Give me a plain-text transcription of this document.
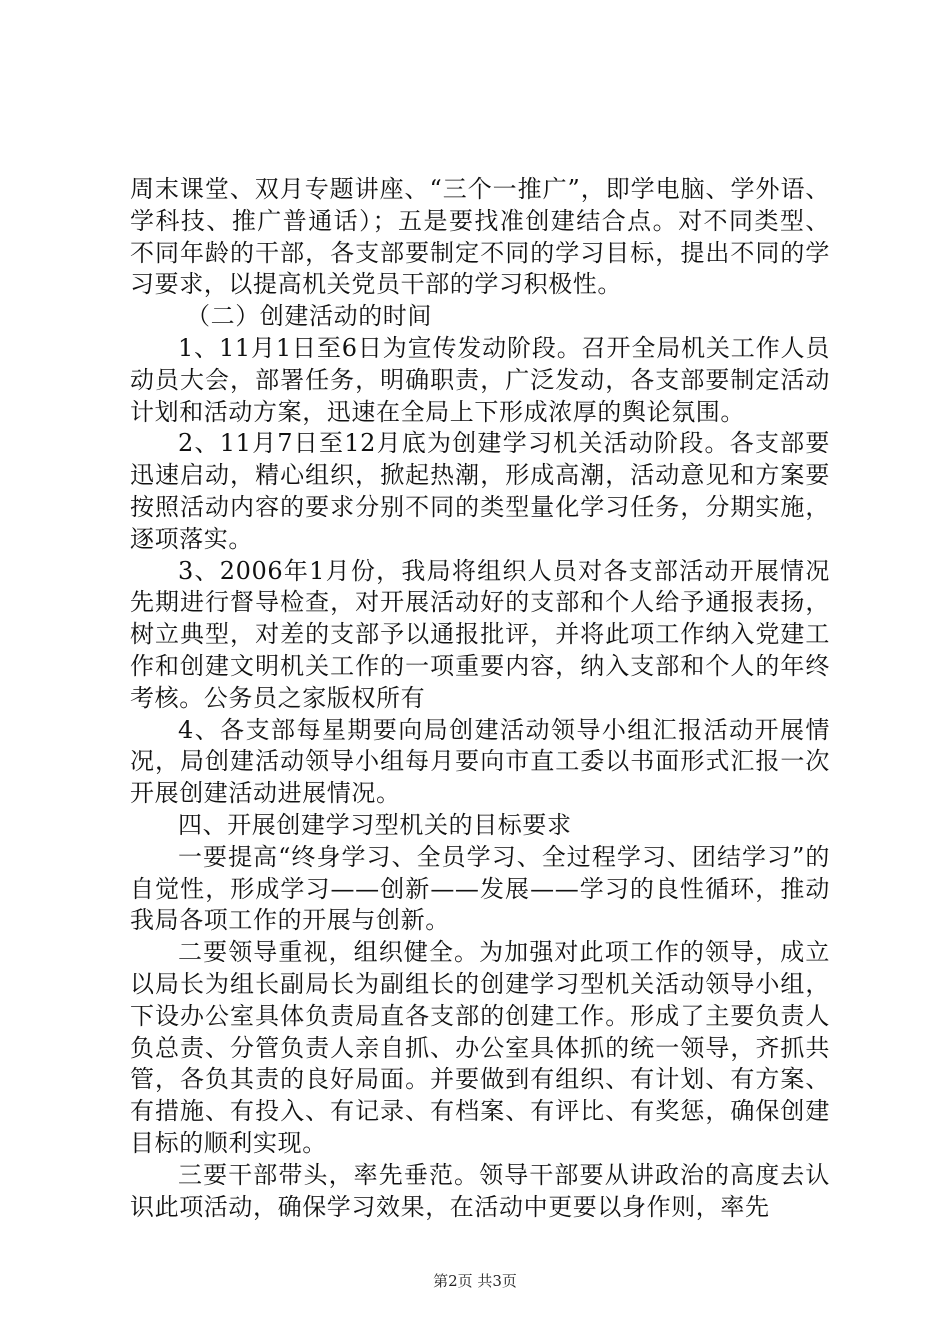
周末课堂、双月专题讲座、“三个一推广”，即学电脑、学外语、学科技、推广普通话）；五是要找准创建结合点。对不同类型、不同年龄的干部，各支部要制定不同的学习目标，提出不同的学习要求，以提高机关党员干部的学习积极性。

（二）创建活动的时间

1、11月1日至6日为宣传发动阶段。召开全局机关工作人员动员大会，部署任务，明确职责，广泛发动，各支部要制定活动计划和活动方案，迅速在全局上下形成浓厚的舆论氛围。

2、11月7日至12月底为创建学习机关活动阶段。各支部要迅速启动，精心组织，掀起热潮，形成高潮，活动意见和方案要按照活动内容的要求分别不同的类型量化学习任务，分期实施，逐项落实。

3、2006年1月份，我局将组织人员对各支部活动开展情况先期进行督导检查，对开展活动好的支部和个人给予通报表扬，树立典型，对差的支部予以通报批评，并将此项工作纳入党建工作和创建文明机关工作的一项重要内容，纳入支部和个人的年终考核。公务员之家版权所有

4、各支部每星期要向局创建活动领导小组汇报活动开展情况，局创建活动领导小组每月要向市直工委以书面形式汇报一次开展创建活动进展情况。

四、开展创建学习型机关的目标要求

一要提高“终身学习、全员学习、全过程学习、团结学习”的自觉性，形成学习——创新——发展——学习的良性循环，推动我局各项工作的开展与创新。

二要领导重视，组织健全。为加强对此项工作的领导，成立以局长为组长副局长为副组长的创建学习型机关活动领导小组，下设办公室具体负责局直各支部的创建工作。形成了主要负责人负总责、分管负责人亲自抓、办公室具体抓的统一领导，齐抓共管，各负其责的良好局面。并要做到有组织、有计划、有方案、有措施、有投入、有记录、有档案、有评比、有奖惩，确保创建目标的顺利实现。

三要干部带头，率先垂范。领导干部要从讲政治的高度去认识此项活动，确保学习效果，在活动中更要以身作则，率先

第2页 共3页
